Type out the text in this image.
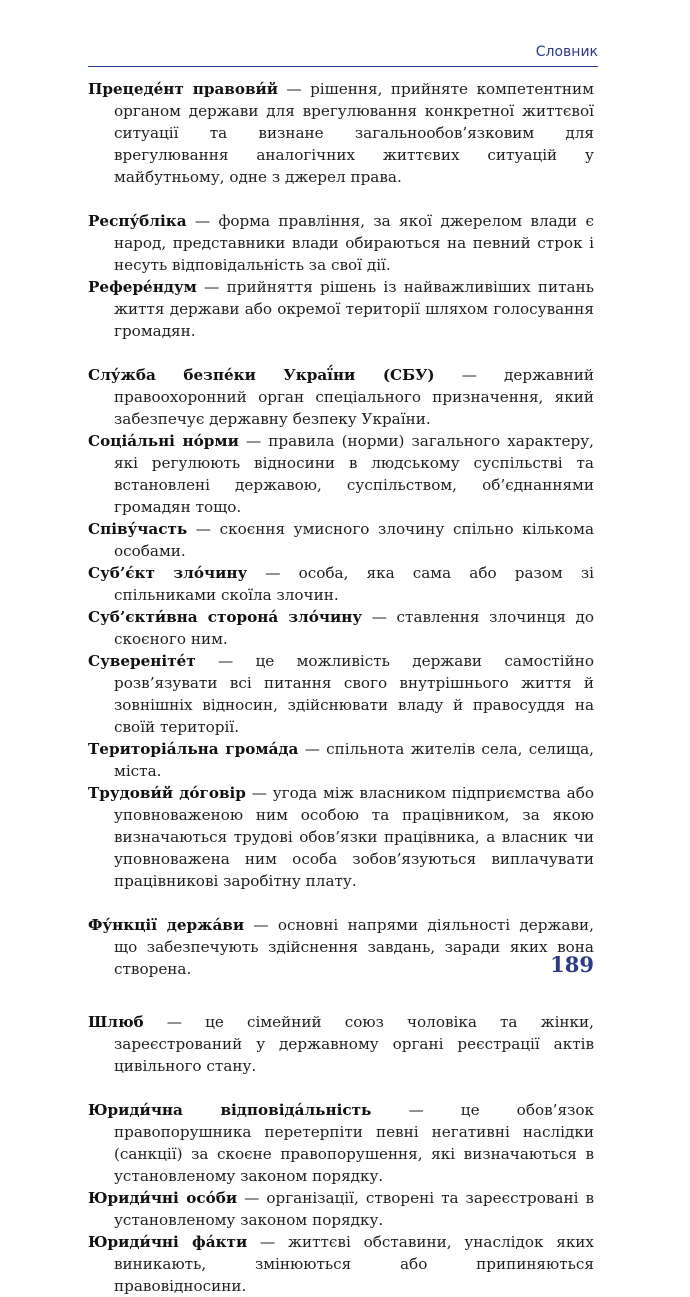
Словник

Прецеде́нт правови́й — рішення, прийняте компетентним органом держави для врегулювання конкретної життєвої ситуації та визнане загальнообов’язковим для врегулювання аналогічних життєвих ситуацій у майбутньому, одне з джерел права.

Респу́бліка — форма правління, за якої джерелом влади є народ, представники влади обираються на певний строк і несуть відповідальність за свої дії.

Рефере́ндум — прийняття рішень із найважливіших питань життя держави або окремої території шляхом голосування громадян.

Слу́жба безпе́ки Украї́ни (СБУ) — державний правоохоронний орган спеціального призначення, який забезпечує державну безпеку України.

Соціа́льні но́рми — правила (норми) загального характеру, які регулюють відносини в людському суспільстві та встановлені державою, суспільством, об’єднаннями громадян тощо.

Співу́часть — скоєння умисного злочину спільно кількома особами.

Суб’є́кт зло́чину — особа, яка сама або разом зі спільниками скоїла злочин.

Суб’єкти́вна сторона́ зло́чину — ставлення злочинця до скоєного ним.

Сувереніте́т — це можливість держави самостійно розв’язувати всі питання свого внутрішнього життя й зовнішніх відносин, здійснювати владу й правосуддя на своїй території.

Територіа́льна грома́да — спільнота жителів села, селища, міста.

Трудови́й до́говір — угода між власником підприємства або уповноваженою ним особою та працівником, за якою визначаються трудові обов’язки працівника, а власник чи уповноважена ним особа зобов’язуються виплачувати працівникові заробітну плату.

Фу́нкції держа́ви — основні напрями діяльності держави, що забезпечують здійснення завдань, заради яких вона створена.

Шлюб — це сімейний союз чоловіка та жінки, зареєстрований у державному органі реєстрації актів цивільного стану.

Юриди́чна відповіда́льність — це обов’язок правопорушника перетерпіти певні негативні наслідки (санкції) за скоєне правопорушення, які визначаються в установленому законом порядку.

Юриди́чні осо́би — організації, створені та зареєстровані в установленому законом порядку.

Юриди́чні фа́кти — життєві обставини, унаслідок яких виникають, змінюються або припиняються правовідносини.

189
